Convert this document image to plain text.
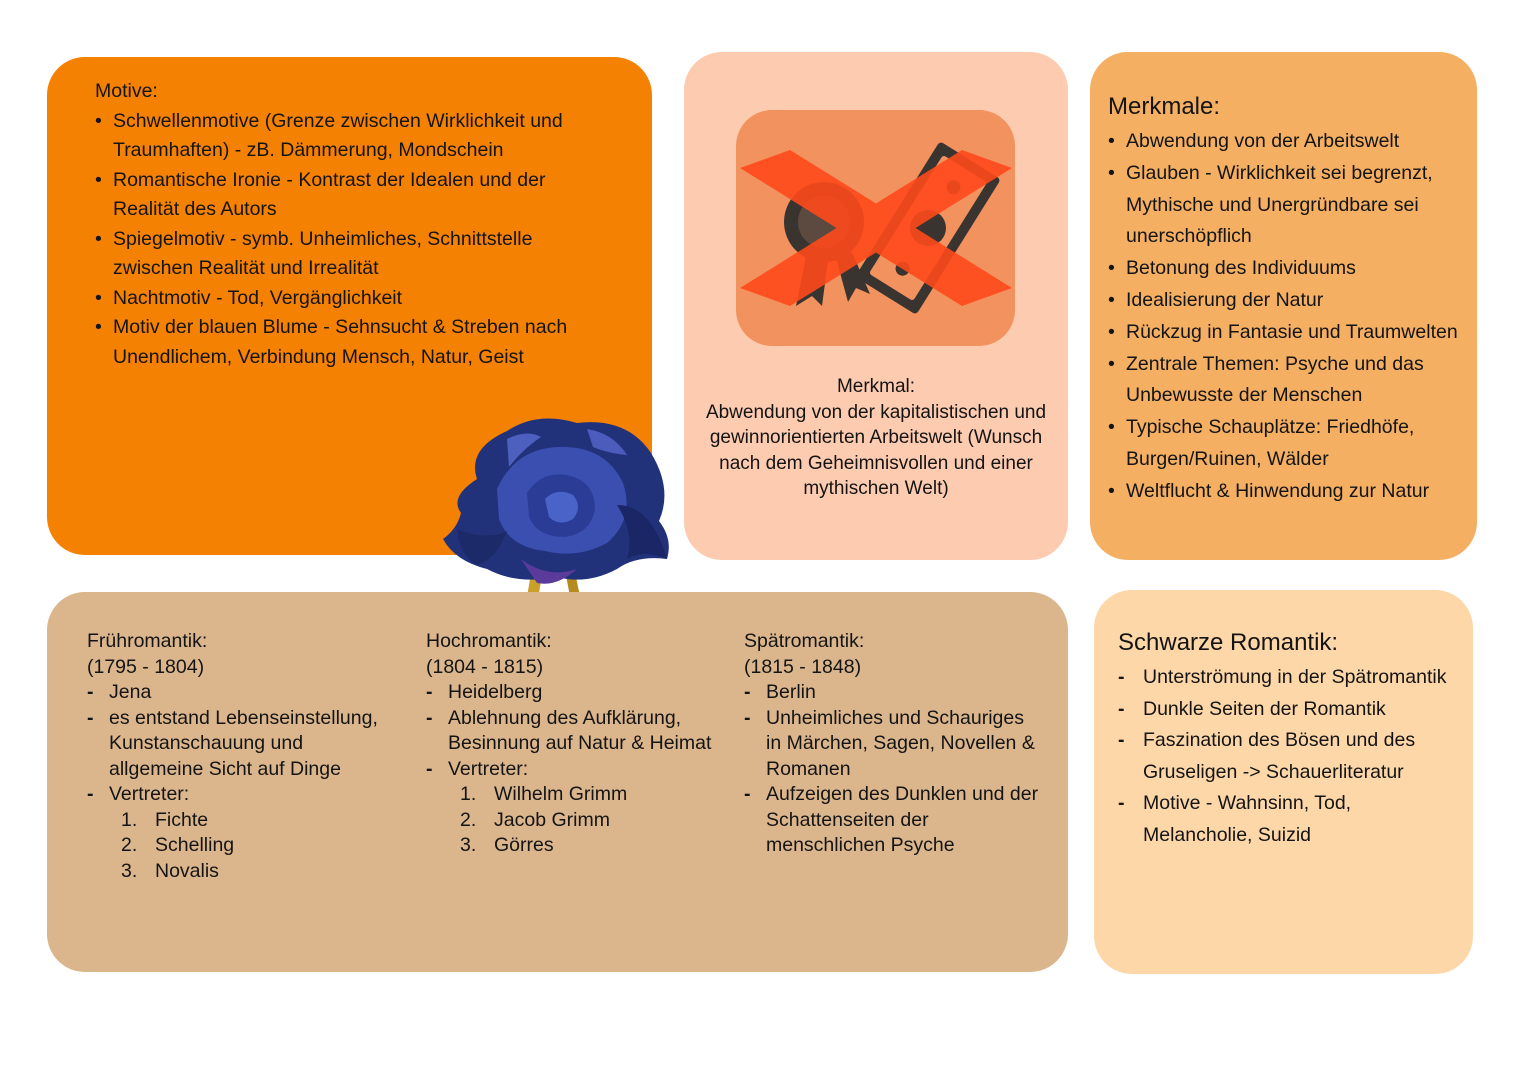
Motive:
• Schwellenmotive (Grenze zwischen Wirklichkeit und Traumhaften) - zB. Dämmerung, Mondschein
• Romantische Ironie - Kontrast der Idealen und der Realität des Autors
• Spiegelmotiv - symb. Unheimliches, Schnittstelle zwischen Realität und Irrealität
• Nachtmotiv - Tod, Vergänglichkeit
• Motiv der blauen Blume - Sehnsucht & Streben nach Unendlichem, Verbindung Mensch, Natur, Geist
Merkmal:
Abwendung von der kapitalistischen und gewinnorientierten Arbeitswelt (Wunsch nach dem Geheimnisvollen und einer mythischen Welt)
Merkmale:
• Abwendung von der Arbeitswelt
• Glauben - Wirklichkeit sei begrenzt, Mythische und Unergründbare sei unerschöpflich
• Betonung des Individuums
• Idealisierung der Natur
• Rückzug in Fantasie und Traumwelten
• Zentrale Themen: Psyche und das Unbewusste der Menschen
• Typische Schauplätze: Friedhöfe, Burgen/Ruinen, Wälder
• Weltflucht & Hinwendung zur Natur
Frühromantik:
(1795 - 1804)
- Jena
- es entstand Lebenseinstellung, Kunstanschauung und allgemeine Sicht auf Dinge
- Vertreter:
1. Fichte
2. Schelling
3. Novalis
Hochromantik:
(1804 - 1815)
- Heidelberg
- Ablehnung des Aufklärung, Besinnung auf Natur & Heimat
- Vertreter:
1. Wilhelm Grimm
2. Jacob Grimm
3. Görres
Spätromantik:
(1815 - 1848)
- Berlin
- Unheimliches und Schauriges in Märchen, Sagen, Novellen & Romanen
- Aufzeigen des Dunklen und der Schattenseiten der menschlichen Psyche
Schwarze Romantik:
- Unterströmung in der Spätromantik
- Dunkle Seiten der Romantik
- Faszination des Bösen und des Gruseligen -> Schauerliteratur
- Motive - Wahnsinn, Tod, Melancholie, Suizid
